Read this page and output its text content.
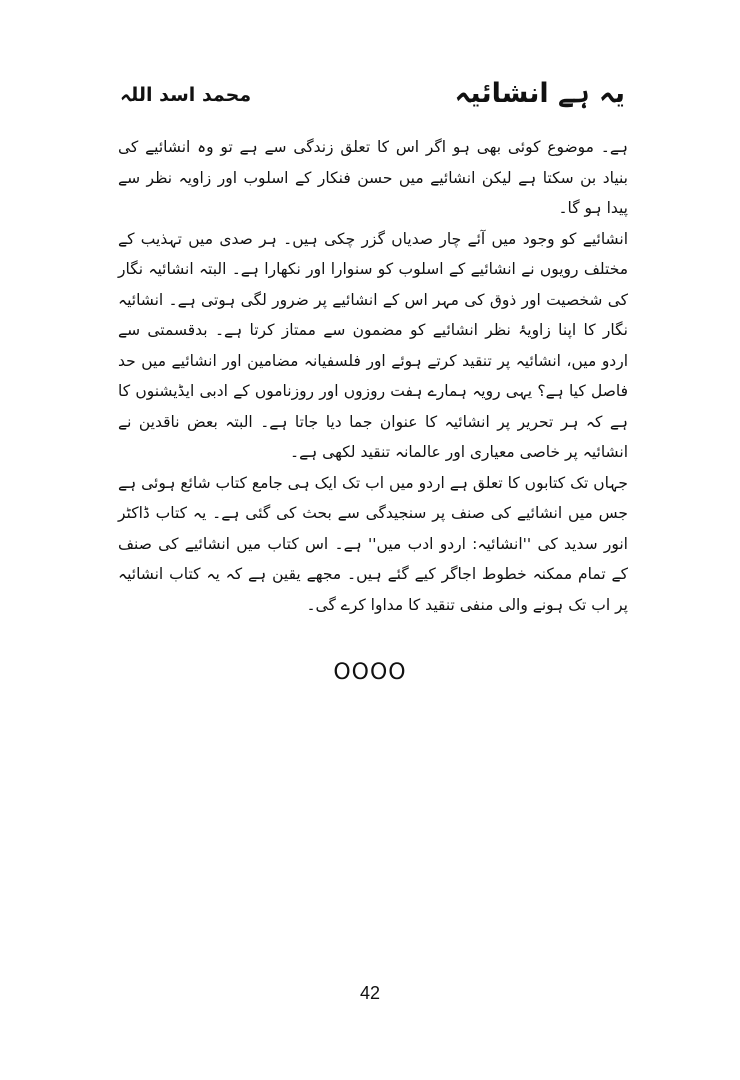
یہ ہے انشائیہ
محمد اسد اللہ

ہے۔ موضوع کوئی بھی ہو اگر اس کا تعلق زندگی سے ہے تو وہ انشائیے کی بنیاد بن سکتا ہے لیکن انشائیے میں حسن فنکار کے اسلوب اور زاویہ نظر سے پیدا ہو گا۔

انشائیے کو وجود میں آئے چار صدیاں گزر چکی ہیں۔ ہر صدی میں تہذیب کے مختلف رویوں نے انشائیے کے اسلوب کو سنوارا اور نکھارا ہے۔ البتہ انشائیہ نگار کی شخصیت اور ذوق کی مہر اس کے انشائیے پر ضرور لگی ہوتی ہے۔ انشائیہ نگار کا اپنا زاویۂ نظر انشائیے کو مضمون سے ممتاز کرتا ہے۔ بدقسمتی سے اردو میں، انشائیہ پر تنقید کرتے ہوئے اور فلسفیانہ مضامین اور انشائیے میں حد فاصل کیا ہے؟ یہی رویہ ہمارے ہفت روزوں اور روزناموں کے ادبی ایڈیشنوں کا ہے کہ ہر تحریر پر انشائیہ کا عنوان جما دیا جاتا ہے۔ البتہ بعض ناقدین نے انشائیہ پر خاصی معیاری اور عالمانہ تنقید لکھی ہے۔

جہاں تک کتابوں کا تعلق ہے اردو میں اب تک ایک ہی جامع کتاب شائع ہوئی ہے جس میں انشائیے کی صنف پر سنجیدگی سے بحث کی گئی ہے۔ یہ کتاب ڈاکٹر انور سدید کی ''انشائیہ: اردو ادب میں'' ہے۔ اس کتاب میں انشائیے کی صنف کے تمام ممکنہ خطوط اجاگر کیے گئے ہیں۔ مجھے یقین ہے کہ یہ کتاب انشائیہ پر اب تک ہونے والی منفی تنقید کا مداوا کرے گی۔

OOOO
42
